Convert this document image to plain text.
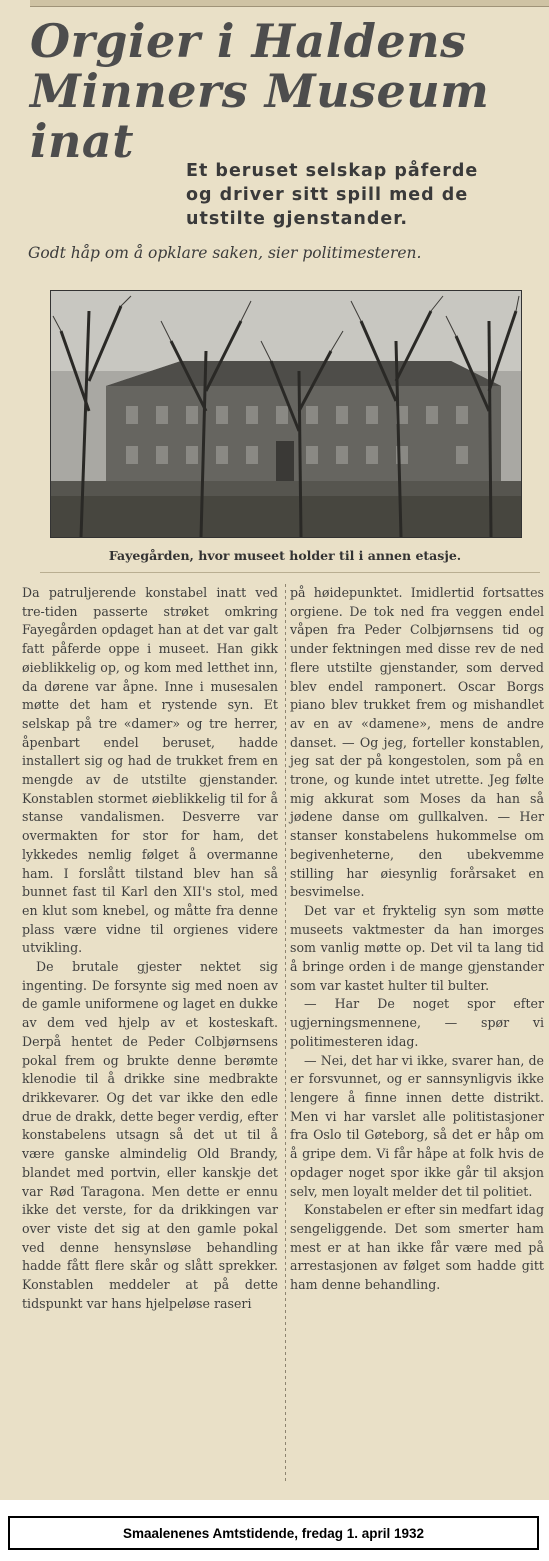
Orgier i Haldens
Minners Museum inat
Et beruset selskap påferde
og driver sitt spill med de
utstilte gjenstander.

Godt håp om å opklare saken, sier politimesteren.

Fayegården, hvor museet holder til i annen etasje.

Da patruljerende konstabel inatt ved tre-tiden passerte strøket omkring Fayegården opdaget han at det var galt fatt påferde oppe i museet. Han gikk øieblikkelig op, og kom med letthet inn, da dørene var åpne. Inne i musesalen møtte det ham et rystende syn. Et selskap på tre «damer» og tre herrer, åpenbart endel beruset, hadde installert sig og had de trukket frem en mengde av de utstilte gjenstander. Konstablen stormet øieblikkelig til for å stanse vandalismen. Desverre var overmakten for stor for ham, det lykkedes nemlig følget å overmanne ham. I forslått tilstand blev han så bunnet fast til Karl den XII's stol, med en klut som knebel, og måtte fra denne plass være vidne til orgienes videre utvikling.

De brutale gjester nektet sig ingenting. De forsynte sig med noen av de gamle uniformene og laget en dukke av dem ved hjelp av et kosteskaft. Derpå hentet de Peder Colbjørnsens pokal frem og brukte denne berømte klenodie til å drikke sine medbrakte drikkevarer. Og det var ikke den edle drue de drakk, dette beger verdig, efter konstabelens utsagn så det ut til å være ganske almindelig Old Brandy, blandet med portvin, eller kanskje det var Rød Taragona. Men dette er ennu ikke det verste, for da drikkingen var over viste det sig at den gamle pokal ved denne hensynsløse behandling hadde fått flere skår og slått sprekker. Konstablen meddeler at på dette tidspunkt var hans hjelpeløse raseri

på høidepunktet. Imidlertid fortsattes orgiene. De tok ned fra veggen endel våpen fra Peder Colbjørnsens tid og under fektningen med disse rev de ned flere utstilte gjenstander, som derved blev endel ramponert. Oscar Borgs piano blev trukket frem og mishandlet av en av «damene», mens de andre danset. — Og jeg, forteller konstablen, jeg sat der på kongestolen, som på en trone, og kunde intet utrette. Jeg følte mig akkurat som Moses da han så jødene danse om gullkalven. — Her stanser konstabelens hukommelse om begivenheterne, den ubekvemme stilling har øiesynlig forårsaket en besvimelse.

Det var et fryktelig syn som møtte museets vaktmester da han imorges som vanlig møtte op. Det vil ta lang tid å bringe orden i de mange gjenstander som var kastet hulter til bulter.

— Har De noget spor efter ugjerningsmennene, — spør vi politimesteren idag.

— Nei, det har vi ikke, svarer han, de er forsvunnet, og er sannsynligvis ikke lengere å finne innen dette distrikt. Men vi har varslet alle politistasjoner fra Oslo til Gøteborg, så det er håp om å gripe dem. Vi får håpe at folk hvis de opdager noget spor ikke går til aksjon selv, men loyalt melder det til politiet.

Konstabelen er efter sin medfart idag sengeliggende. Det som smerter ham mest er at han ikke får være med på arrestasjonen av følget som hadde gitt ham denne behandling.

Smaalenenes Amtstidende, fredag 1. april 1932
